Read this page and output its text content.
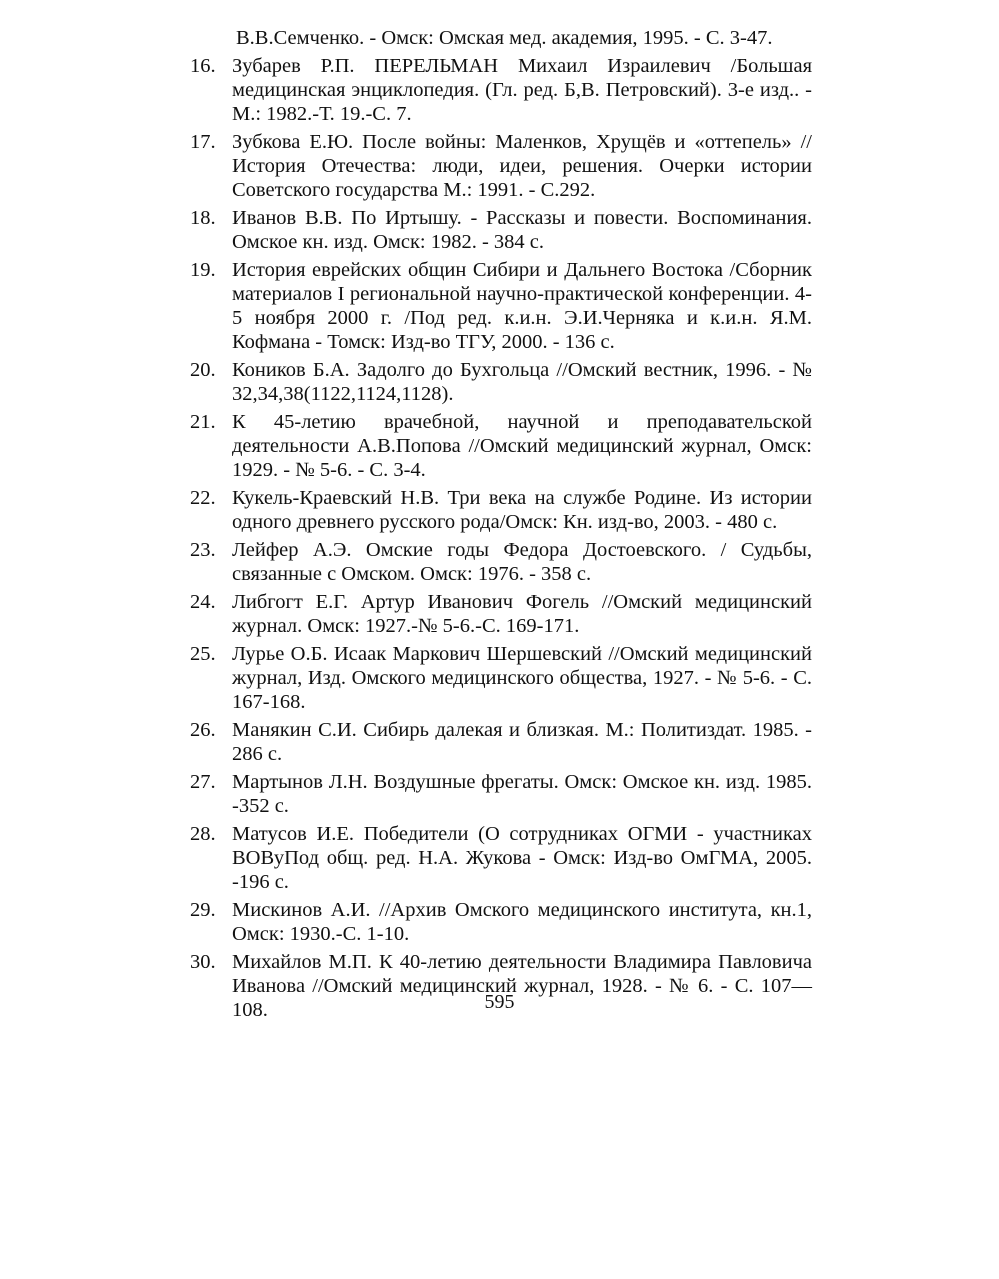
В.В.Семченко. - Омск: Омская мед. академия, 1995. - С. 3-47.
16. Зубарев Р.П. ПЕРЕЛЬМАН Михаил Израилевич /Большая медицинская энциклопедия. (Гл. ред. Б,В. Петровский). 3-е изд.. - М.: 1982.-Т. 19.-С. 7.
17. Зубкова Е.Ю. После войны: Маленков, Хрущёв и «оттепель» // История Отечества: люди, идеи, решения. Очерки истории Советского государства М.: 1991. - С.292.
18. Иванов В.В. По Иртышу. - Рассказы и повести. Воспоминания. Омское кн. изд. Омск: 1982. - 384 с.
19. История еврейских общин Сибири и Дальнего Востока /Сборник материалов I региональной научно-практической конференции. 4-5 ноября 2000 г. /Под ред. к.и.н. Э.И.Черняка и к.и.н. Я.М. Кофмана - Томск: Изд-во ТГУ, 2000. - 136 с.
20. Коников Б.А. Задолго до Бухгольца //Омский вестник, 1996. - № 32,34,38(1122,1124,1128).
21. К 45-летию врачебной, научной и преподавательской деятельности А.В.Попова //Омский медицинский журнал, Омск: 1929. - № 5-6. - С. 3-4.
22. Кукель-Краевский Н.В. Три века на службе Родине. Из истории одного древнего русского рода/Омск: Кн. изд-во, 2003. - 480 с.
23. Лейфер А.Э. Омские годы Федора Достоевского. / Судьбы, связанные с Омском. Омск: 1976. - 358 с.
24. Либгогт Е.Г. Артур Иванович Фогель //Омский медицинский журнал. Омск: 1927.-№ 5-6.-С. 169-171.
25. Лурье О.Б. Исаак Маркович Шершевский //Омский медицинский журнал, Изд. Омского медицинского общества, 1927. - № 5-6. - С. 167-168.
26. Манякин С.И. Сибирь далекая и близкая. М.: Политиздат. 1985. - 286 с.
27. Мартынов Л.Н. Воздушные фрегаты. Омск: Омское кн. изд. 1985. -352 с.
28. Матусов И.Е. Победители (О сотрудниках ОГМИ - участниках ВОВуПод общ. ред. Н.А. Жукова - Омск: Изд-во ОмГМА, 2005. -196 с.
29. Мискинов А.И. //Архив Омского медицинского института, кн.1, Омск: 1930.-С. 1-10.
30. Михайлов М.П. К 40-летию деятельности Владимира Павловича Иванова //Омский медицинский журнал, 1928. - № 6. - С. 107—108.	595
